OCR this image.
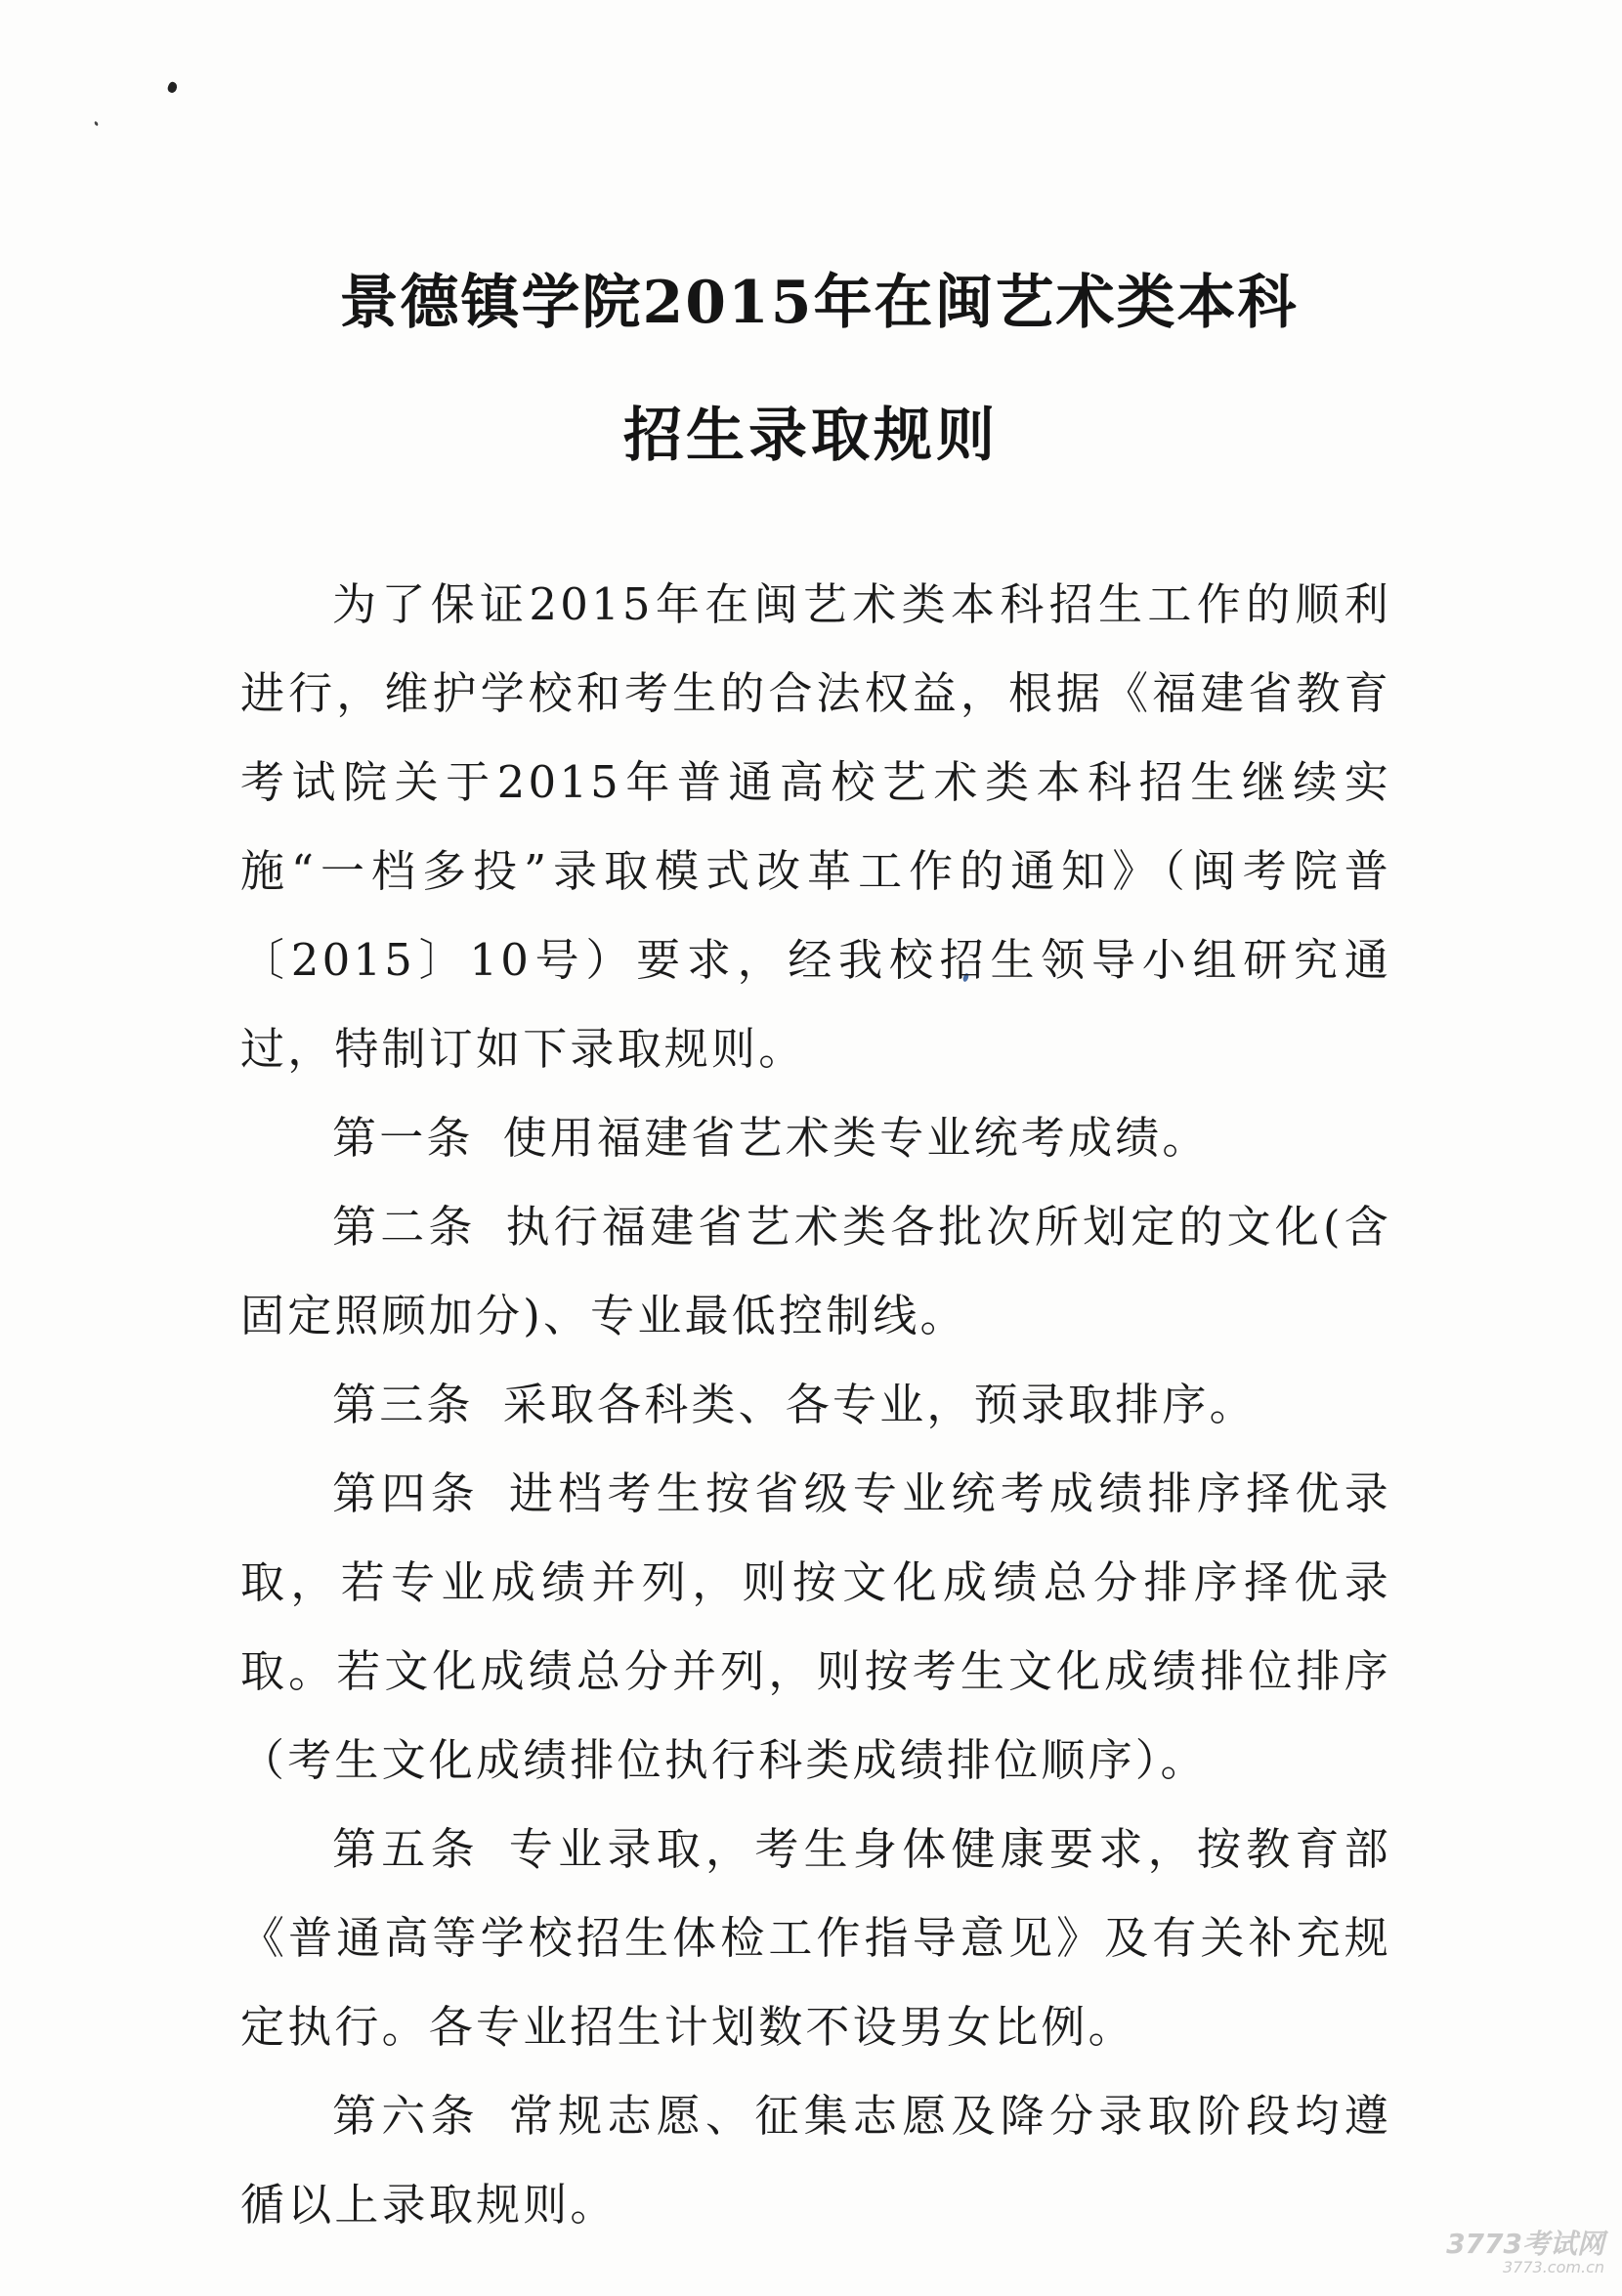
景德镇学院2015年在闽艺术类本科
招生录取规则

为了保证2015年在闽艺术类本科招生工作的顺利进行，维护学校和考生的合法权益，根据《福建省教育考试院关于2015年普通高校艺术类本科招生继续实施“一档多投”录取模式改革工作的通知》（闽考院普〔2015〕10号）要求，经我校招生领导小组研究通过，特制订如下录取规则。

第一条 使用福建省艺术类专业统考成绩。

第二条 执行福建省艺术类各批次所划定的文化(含固定照顾加分)、专业最低控制线。

第三条 采取各科类、各专业，预录取排序。

第四条 进档考生按省级专业统考成绩排序择优录取，若专业成绩并列，则按文化成绩总分排序择优录取。若文化成绩总分并列，则按考生文化成绩排位排序（考生文化成绩排位执行科类成绩排位顺序）。

第五条 专业录取，考生身体健康要求，按教育部《普通高等学校招生体检工作指导意见》及有关补充规定执行。各专业招生计划数不设男女比例。

第六条 常规志愿、征集志愿及降分录取阶段均遵循以上录取规则。

3773考试网
3773.com.cn
